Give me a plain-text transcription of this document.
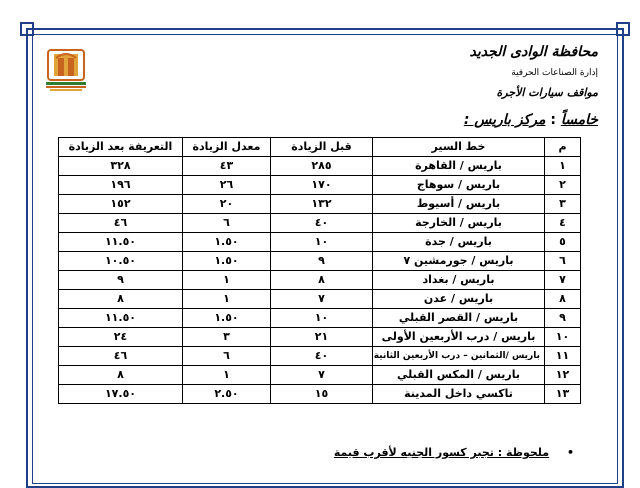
محافظة الوادى الجديد
إدارة الصناعات الحرفية
مواقف سيارات الأجرة
خامساً : مركز باريس :
م	خط السير	قبل الزيادة	معدل الزيادة	التعريفة بعد الزيادة
١	باريس / القاهرة	٢٨٥	٤٣	٣٢٨
٢	باريس / سوهاج	١٧٠	٢٦	١٩٦
٣	باريس / أسيوط	١٣٢	٢٠	١٥٢
٤	باريس / الخارجة	٤٠	٦	٤٦
٥	باريس / جدة	١٠	١.٥٠	١١.٥٠
٦	باريس / جورمشين ٧	٩	١.٥٠	١٠.٥٠
٧	باريس / بغداد	٨	١	٩
٨	باريس / عدن	٧	١	٨
٩	باريس / القصر القبلي	١٠	١.٥٠	١١.٥٠
١٠	باريس / درب الأربعين الأولى	٢١	٣	٢٤
١١	باريس /الثمانين – درب الأربعين الثانية	٤٠	٦	٤٦
١٢	باريس / المكس القبلي	٧	١	٨
١٣	تاكسي داخل المدينة	١٥	٢.٥٠	١٧.٥٠
• ملحوظة : تجبر كسور الجنيه لأقرب قيمة
